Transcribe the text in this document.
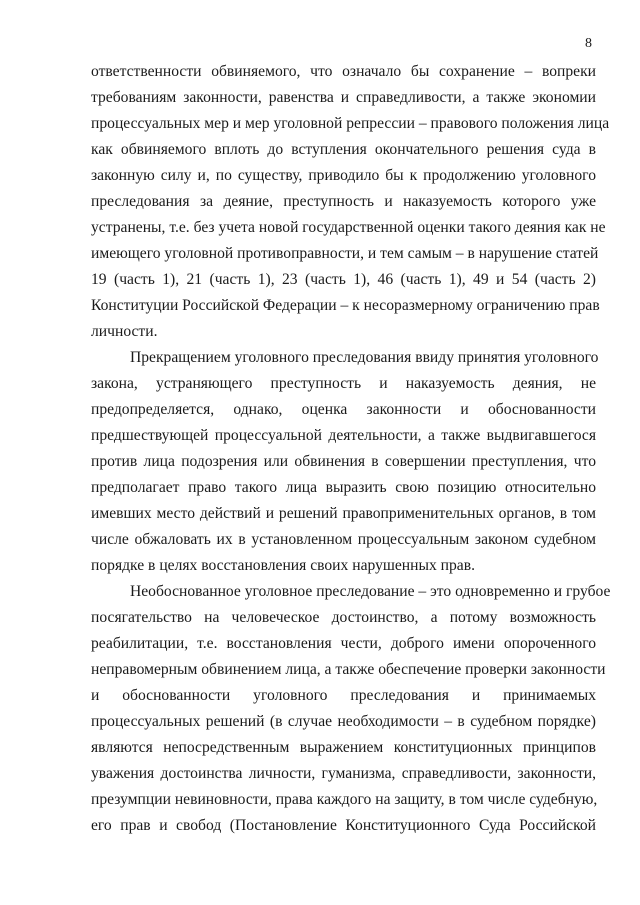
8
ответственности обвиняемого, что означало бы сохранение – вопреки
требованиям законности, равенства и справедливости, а также экономии
процессуальных мер и мер уголовной репрессии – правового положения лица
как обвиняемого вплоть до вступления окончательного решения суда в
законную силу и, по существу, приводило бы к продолжению уголовного
преследования за деяние, преступность и наказуемость которого уже
устранены, т.е. без учета новой государственной оценки такого деяния как не
имеющего уголовной противоправности, и тем самым – в нарушение статей
19 (часть 1), 21 (часть 1), 23 (часть 1), 46 (часть 1), 49 и 54 (часть 2)
Конституции Российской Федерации – к несоразмерному ограничению прав
личности.
Прекращением уголовного преследования ввиду принятия уголовного
закона, устраняющего преступность и наказуемость деяния, не
предопределяется, однако, оценка законности и обоснованности
предшествующей процессуальной деятельности, а также выдвигавшегося
против лица подозрения или обвинения в совершении преступления, что
предполагает право такого лица выразить свою позицию относительно
имевших место действий и решений правоприменительных органов, в том
числе обжаловать их в установленном процессуальным законом судебном
порядке в целях восстановления своих нарушенных прав.
Необоснованное уголовное преследование – это одновременно и грубое
посягательство на человеческое достоинство, а потому возможность
реабилитации, т.е. восстановления чести, доброго имени опороченного
неправомерным обвинением лица, а также обеспечение проверки законности
и обоснованности уголовного преследования и принимаемых
процессуальных решений (в случае необходимости – в судебном порядке)
являются непосредственным выражением конституционных принципов
уважения достоинства личности, гуманизма, справедливости, законности,
презумпции невиновности, права каждого на защиту, в том числе судебную,
его прав и свобод (Постановление Конституционного Суда Российской
